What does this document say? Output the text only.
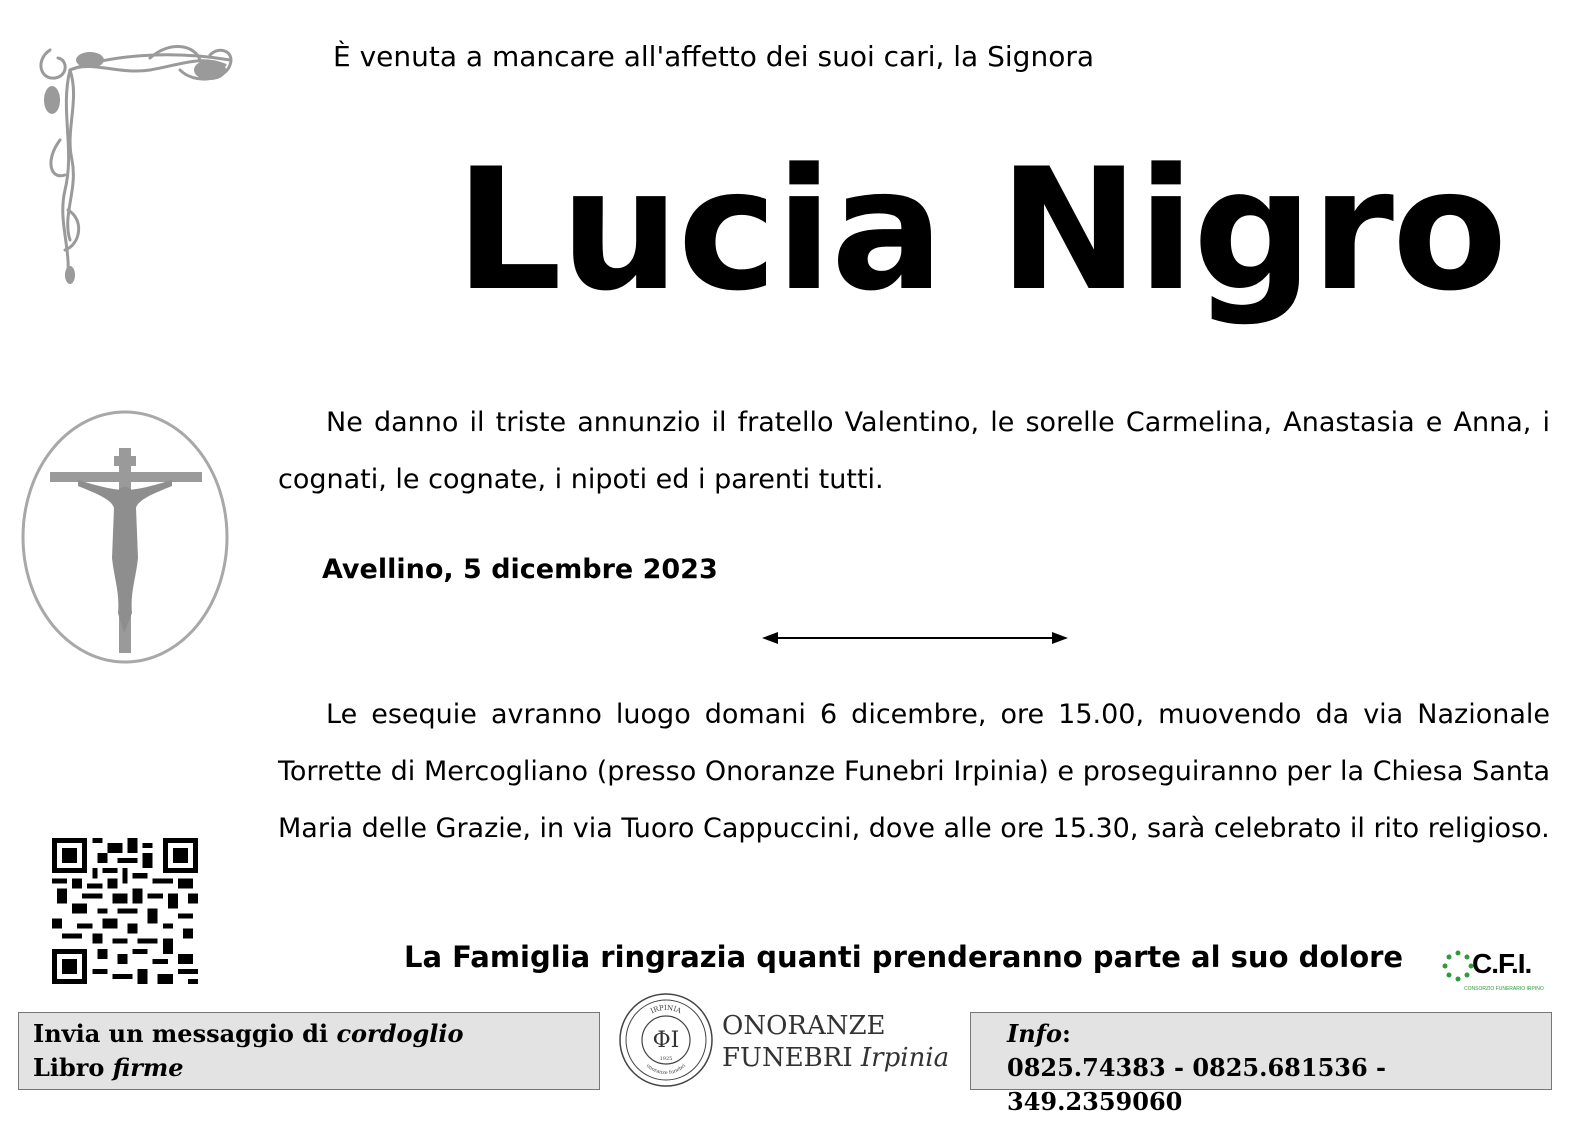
È venuta a mancare all'affetto dei suoi cari, la Signora
Lucia Nigro
Ne danno il triste annunzio il fratello Valentino, le sorelle Carmelina, Anastasia e Anna, i cognati, le cognate, i nipoti ed i parenti tutti.
Avellino, 5 dicembre 2023
Le esequie avranno luogo domani 6 dicembre, ore 15.00, muovendo da via Nazionale Torrette di Mercogliano (presso Onoranze Funebri Irpinia) e proseguiranno per la Chiesa Santa Maria delle Grazie, in via Tuoro Cappuccini, dove alle ore 15.30, sarà celebrato il rito religioso.
La Famiglia ringrazia quanti prenderanno parte al suo dolore C.F.I.
CONSORZIO FUNERARIO IRPINO
Invia un messaggio di cordoglio
Libro firme
IRPINIA
onoranze funebri
ΦΙ
1925
ONORANZE
FUNEBRI Irpinia
Info:
0825.74383 - 0825.681536 - 349.2359060
